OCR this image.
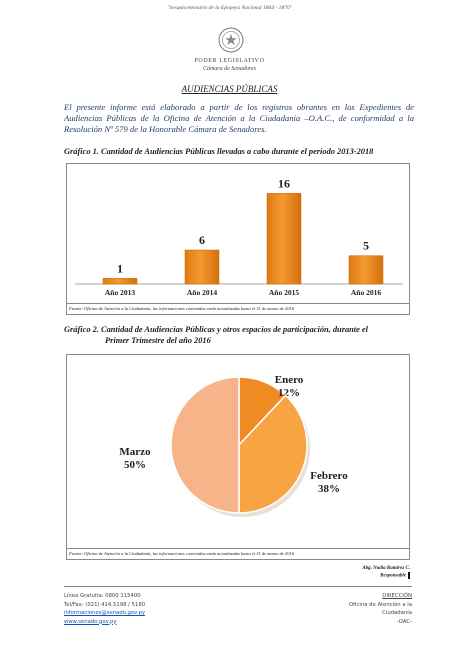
"Sesquicentenario de la Epopeya Nacional 1864 - 1870"
PODER LEGISLATIVO
Cámara de Senadores
AUDIENCIAS PÚBLICAS
El presente informe está elaborado a partir de los registros obrantes en los Expedientes de Audiencias Públicas de la Oficina de Atención a la Ciudadanía –O.A.C., de conformidad a la Resolución Nº 579 de la Honorable Cámara de Senadores.
Gráfico 1. Cantidad de Audiencias Públicas llevadas a cabo durante el periodo 2013-2018
1
Año 2013
6
Año 2014
16
Año 2015
5
Año 2016
Fuente: Oficina de Atención a la Ciudadanía, las informaciones contenidas están actualizadas hasta el 31 de marzo de 2016
Gráfico 2. Cantidad de Audiencias Públicas y otros espacios de participación, durante el
Primer Trimestre del año 2016
Enero
12%
Febrero
38%
Marzo
50%
Fuente: Oficina de Atención a la Ciudadanía, las informaciones contenidas están actualizadas hasta el 31 de marzo de 2016
Abg. Nadia Ramírez C.
Responsable
Línea Gratuita: 0800 115400
Tel/Fax: (021) 414.5198 / 5180
informaciones@senado.gov.py
www.senado.gov.py
DIRECCIÓN
Oficina de Atención a la
Ciudadanía
-OAC-
